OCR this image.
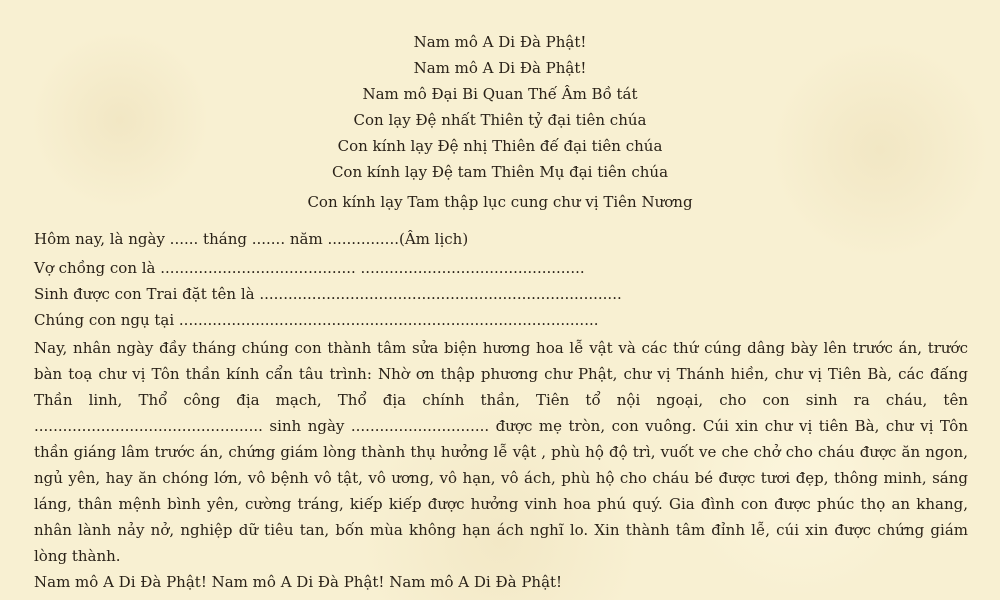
Nam mô A Di Đà Phật!
Nam mô A Di Đà Phật!
Nam mô Đại Bi Quan Thế Âm Bồ tát
Con lạy Đệ nhất Thiên tỷ đại tiên chúa
Con kính lạy Đệ nhị Thiên đế đại tiên chúa
Con kính lạy Đệ tam Thiên Mụ đại tiên chúa
Con kính lạy Tam thập lục cung chư vị Tiên Nương
Hôm nay, là ngày ...... tháng ....... năm ...............(Âm lịch)
Vợ chồng con là ......................................... ...............................................
Sinh được con Trai đặt tên là ............................................................................
Chúng con ngụ tại ........................................................................................

Nay, nhân ngày đầy tháng chúng con thành tâm sửa biện hương hoa lễ vật và các thứ cúng dâng bày lên trước án, trước bàn toạ chư vị Tôn thần kính cẩn tâu trình: Nhờ ơn thập phương chư Phật, chư vị Thánh hiền, chư vị Tiên Bà, các đấng Thần linh, Thổ công địa mạch, Thổ địa chính thần, Tiên tổ nội ngoại, cho con sinh ra cháu, tên ................................................ sinh ngày ............................. được mẹ tròn, con vuông. Cúi xin chư vị tiên Bà, chư vị Tôn thần giáng lâm trước án, chứng giám lòng thành thụ hưởng lễ vật , phù hộ độ trì, vuốt ve che chở cho cháu được ăn ngon, ngủ yên, hay ăn chóng lớn, vô bệnh vô tật, vô ương, vô hạn, vô ách, phù hộ cho cháu bé được tươi đẹp, thông minh, sáng láng, thân mệnh bình yên, cường tráng, kiếp kiếp được hưởng vinh hoa phú quý. Gia đình con được phúc thọ an khang, nhân lành nảy nở, nghiệp dữ tiêu tan, bốn mùa không hạn ách nghĩ lo. Xin thành tâm đỉnh lễ, cúi xin được chứng giám lòng thành.

Nam mô A Di Đà Phật! Nam mô A Di Đà Phật! Nam mô A Di Đà Phật!
